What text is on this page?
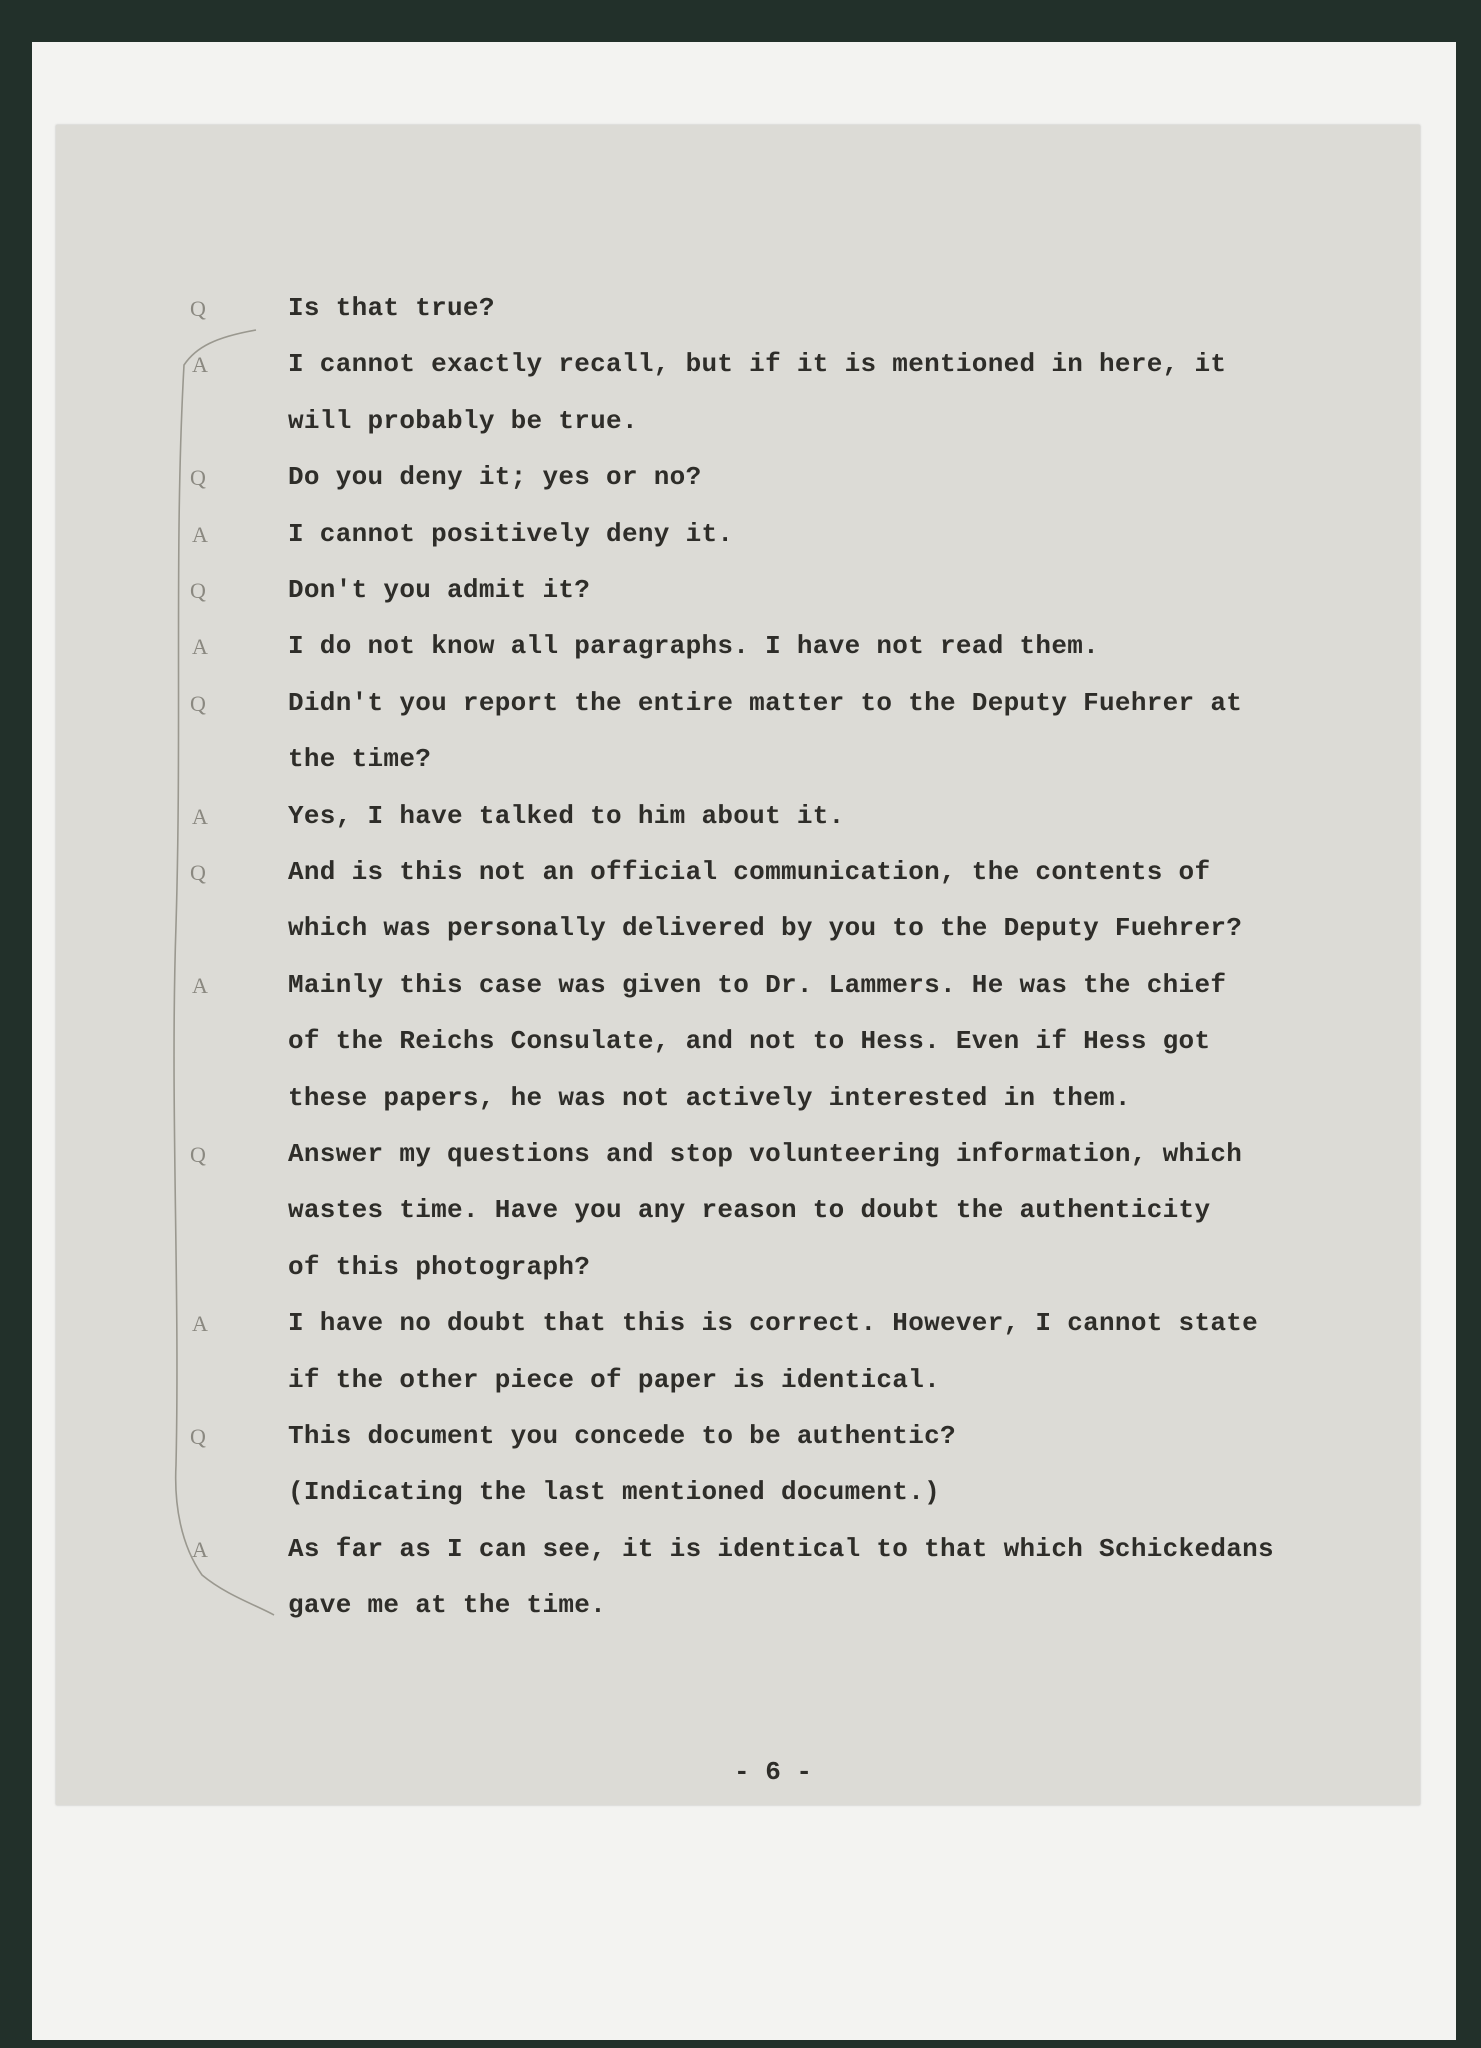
Q	Is that true?
A	I cannot exactly recall, but if it is mentioned in here, it
will probably be true.
Q	Do you deny it; yes or no?
A	I cannot positively deny it.
Q	Don't you admit it?
A	I do not know all paragraphs. I have not read them.
Q	Didn't you report the entire matter to the Deputy Fuehrer at
the time?
A	Yes, I have talked to him about it.
Q	And is this not an official communication, the contents of
which was personally delivered by you to the Deputy Fuehrer?
A	Mainly this case was given to Dr. Lammers. He was the chief
of the Reichs Consulate, and not to Hess. Even if Hess got
these papers, he was not actively interested in them.
Q	Answer my questions and stop volunteering information, which
wastes time. Have you any reason to doubt the authenticity
of this photograph?
A	I have no doubt that this is correct. However, I cannot state
if the other piece of paper is identical.
Q	This document you concede to be authentic?
(Indicating the last mentioned document.)
A	As far as I can see, it is identical to that which Schickedans
gave me at the time.
- 6 -
